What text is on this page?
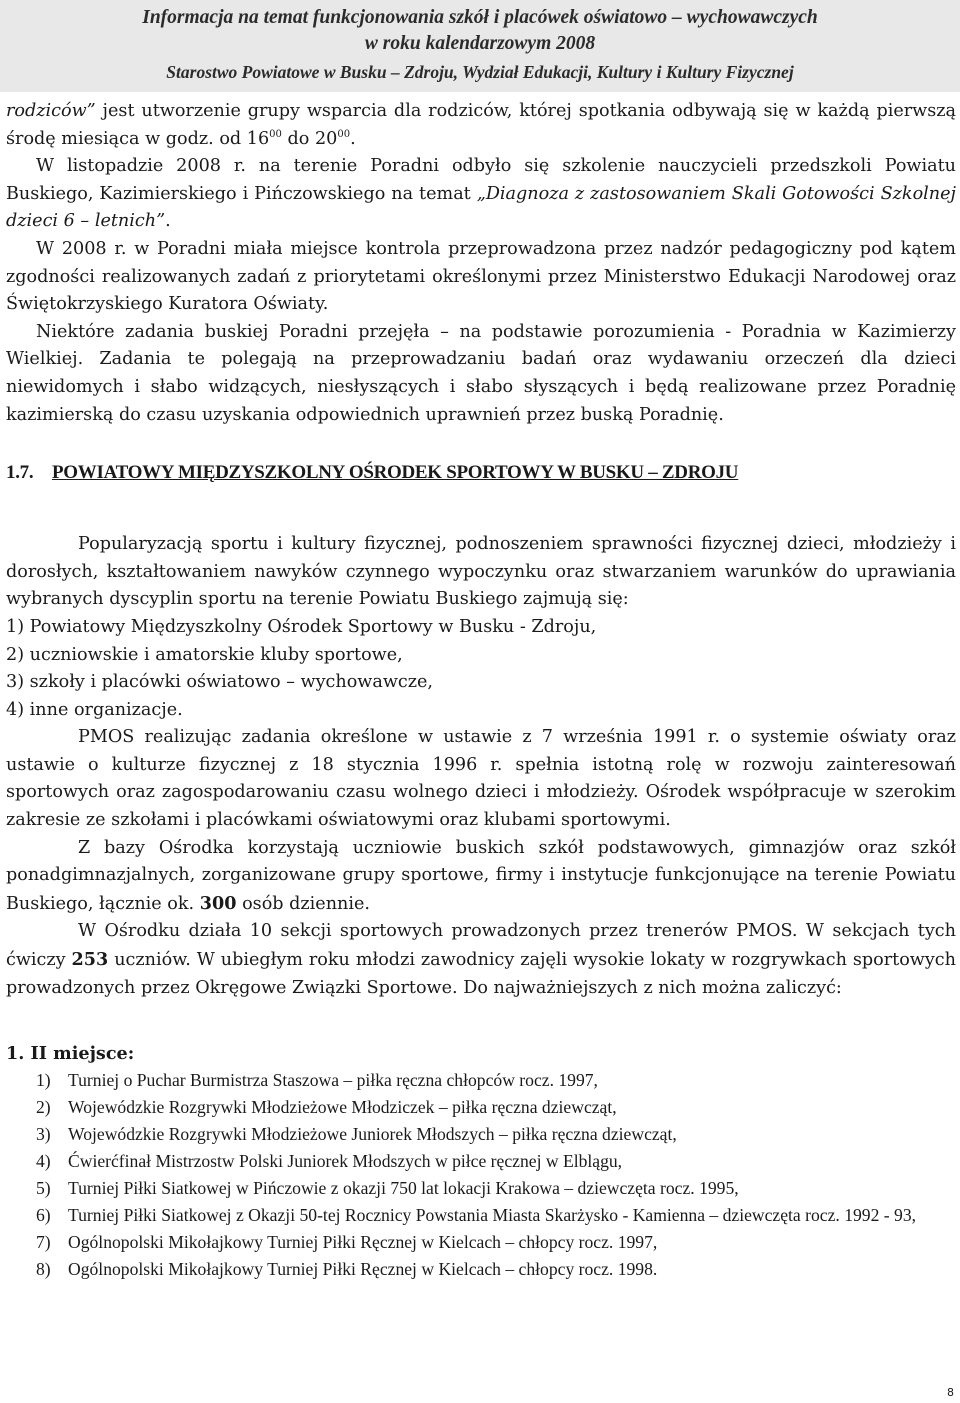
Informacja na temat funkcjonowania szkół i placówek oświatowo – wychowawczych
w roku kalendarzowym 2008
Starostwo Powiatowe w Busku – Zdroju, Wydział Edukacji, Kultury i Kultury Fizycznej

rodziców” jest utworzenie grupy wsparcia dla rodziców, której spotkania odbywają się w każdą pierwszą środę miesiąca w godz. od $16^{00}$ do $20^{00}$.

W listopadzie 2008 r. na terenie Poradni odbyło się szkolenie nauczycieli przedszkoli Powiatu Buskiego, Kazimierskiego i Pińczowskiego na temat „Diagnoza z zastosowaniem Skali Gotowości Szkolnej dzieci 6 – letnich”.

W 2008 r. w Poradni miała miejsce kontrola przeprowadzona przez nadzór pedagogiczny pod kątem zgodności realizowanych zadań z priorytetami określonymi przez Ministerstwo Edukacji Narodowej oraz Świętokrzyskiego Kuratora Oświaty.

Niektóre zadania buskiej Poradni przejęła – na podstawie porozumienia - Poradnia w Kazimierzy Wielkiej. Zadania te polegają na przeprowadzaniu badań oraz wydawaniu orzeczeń dla dzieci niewidomych i słabo widzących, niesłyszących i słabo słyszących i będą realizowane przez Poradnię kazimierską do czasu uzyskania odpowiednich uprawnień przez buską Poradnię.

1.7. POWIATOWY MIĘDZYSZKOLNY OŚRODEK SPORTOWY W BUSKU – ZDROJU

Popularyzacją sportu i kultury fizycznej, podnoszeniem sprawności fizycznej dzieci, młodzieży i dorosłych, kształtowaniem nawyków czynnego wypoczynku oraz stwarzaniem warunków do uprawiania wybranych dyscyplin sportu na terenie Powiatu Buskiego zajmują się:

1) Powiatowy Międzyszkolny Ośrodek Sportowy w Busku - Zdroju,

2) uczniowskie i amatorskie kluby sportowe,

3) szkoły i placówki oświatowo – wychowawcze,

4) inne organizacje.

PMOS realizując zadania określone w ustawie z 7 września 1991 r. o systemie oświaty oraz ustawie o kulturze fizycznej z 18 stycznia 1996 r. spełnia istotną rolę w rozwoju zainteresowań sportowych oraz zagospodarowaniu czasu wolnego dzieci i młodzieży. Ośrodek współpracuje w szerokim zakresie ze szkołami i placówkami oświatowymi oraz klubami sportowymi.

Z bazy Ośrodka korzystają uczniowie buskich szkół podstawowych, gimnazjów oraz szkół ponadgimnazjalnych, zorganizowane grupy sportowe, firmy i instytucje funkcjonujące na terenie Powiatu Buskiego, łącznie ok. 300 osób dziennie.

W Ośrodku działa 10 sekcji sportowych prowadzonych przez trenerów PMOS. W sekcjach tych ćwiczy 253 uczniów. W ubiegłym roku młodzi zawodnicy zajęli wysokie lokaty w rozgrywkach sportowych prowadzonych przez Okręgowe Związki Sportowe. Do najważniejszych z nich można zaliczyć:

1. II miejsce:
1) Turniej o Puchar Burmistrza Staszowa – piłka ręczna chłopców rocz. 1997,
2) Wojewódzkie Rozgrywki Młodzieżowe Młodziczek – piłka ręczna dziewcząt,
3) Wojewódzkie Rozgrywki Młodzieżowe Juniorek Młodszych – piłka ręczna dziewcząt,
4) Ćwierćfinał Mistrzostw Polski Juniorek Młodszych w piłce ręcznej w Elblągu,
5) Turniej Piłki Siatkowej w Pińczowie z okazji 750 lat lokacji Krakowa – dziewczęta rocz. 1995,
6) Turniej Piłki Siatkowej z Okazji 50-tej Rocznicy Powstania Miasta Skarżysko - Kamienna – dziewczęta rocz. 1992 - 93,
7) Ogólnopolski Mikołajkowy Turniej Piłki Ręcznej w Kielcach – chłopcy rocz. 1997,
8) Ogólnopolski Mikołajkowy Turniej Piłki Ręcznej w Kielcach – chłopcy rocz. 1998.
8
